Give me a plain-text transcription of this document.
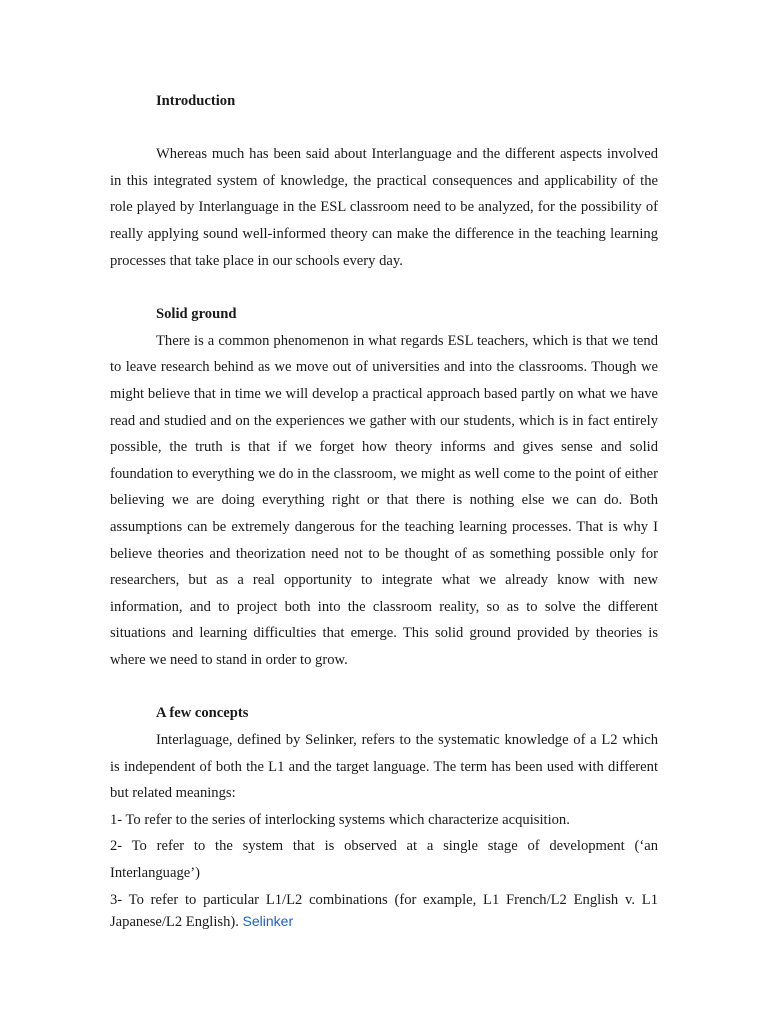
Introduction

Whereas much has been said about Interlanguage and the different aspects involved in this integrated system of knowledge, the practical consequences and applicability of the role played by Interlanguage in the ESL classroom need to be analyzed, for the possibility of really applying sound well-informed theory can make the difference in the teaching learning processes that take place in our schools every day.

Solid ground

There is a common phenomenon in what regards ESL teachers, which is that we tend to leave research behind as we move out of universities and into the classrooms. Though we might believe that in time we will develop a practical approach based partly on what we have read and studied and on the experiences we gather with our students, which is in fact entirely possible, the truth is that if we forget how theory informs and gives sense and solid foundation to everything we do in the classroom, we might as well come to the point of either believing we are doing everything right or that there is nothing else we can do. Both assumptions can be extremely dangerous for the teaching learning processes. That is why I believe theories and theorization need not to be thought of as something possible only for researchers, but as a real opportunity to integrate what we already know with new information, and to project both into the classroom reality, so as to solve the different situations and learning difficulties that emerge. This solid ground provided by theories is where we need to stand in order to grow.

A few concepts

Interlaguage, defined by Selinker, refers to the systematic knowledge of a L2 which is independent of both the L1 and the target language. The term has been used with different but related meanings:

1- To refer to the series of interlocking systems which characterize acquisition.

2- To refer to the system that is observed at a single stage of development (‘an Interlanguage’)

3- To refer to particular L1/L2 combinations (for example, L1 French/L2 English v. L1 Japanese/L2 English). Selinker
